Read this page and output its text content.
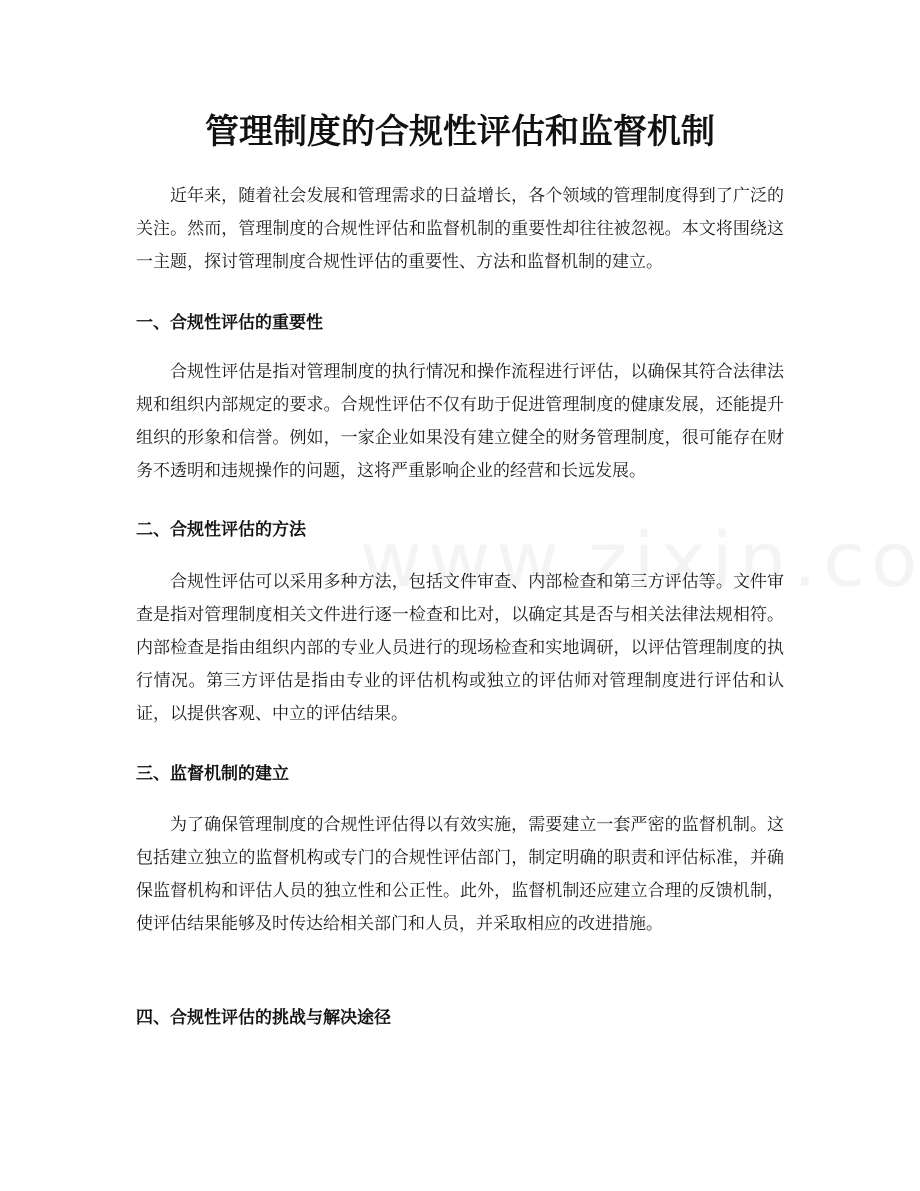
管理制度的合规性评估和监督机制

近年来，随着社会发展和管理需求的日益增长，各个领域的管理制度得到了广泛的关注。然而，管理制度的合规性评估和监督机制的重要性却往往被忽视。本文将围绕这一主题，探讨管理制度合规性评估的重要性、方法和监督机制的建立。

一、合规性评估的重要性

合规性评估是指对管理制度的执行情况和操作流程进行评估，以确保其符合法律法规和组织内部规定的要求。合规性评估不仅有助于促进管理制度的健康发展，还能提升组织的形象和信誉。例如，一家企业如果没有建立健全的财务管理制度，很可能存在财务不透明和违规操作的问题，这将严重影响企业的经营和长远发展。

二、合规性评估的方法

合规性评估可以采用多种方法，包括文件审查、内部检查和第三方评估等。文件审查是指对管理制度相关文件进行逐一检查和比对，以确定其是否与相关法律法规相符。内部检查是指由组织内部的专业人员进行的现场检查和实地调研，以评估管理制度的执行情况。第三方评估是指由专业的评估机构或独立的评估师对管理制度进行评估和认证，以提供客观、中立的评估结果。

三、监督机制的建立

为了确保管理制度的合规性评估得以有效实施，需要建立一套严密的监督机制。这包括建立独立的监督机构或专门的合规性评估部门，制定明确的职责和评估标准，并确保监督机构和评估人员的独立性和公正性。此外，监督机制还应建立合理的反馈机制，使评估结果能够及时传达给相关部门和人员，并采取相应的改进措施。

四、合规性评估的挑战与解决途径
